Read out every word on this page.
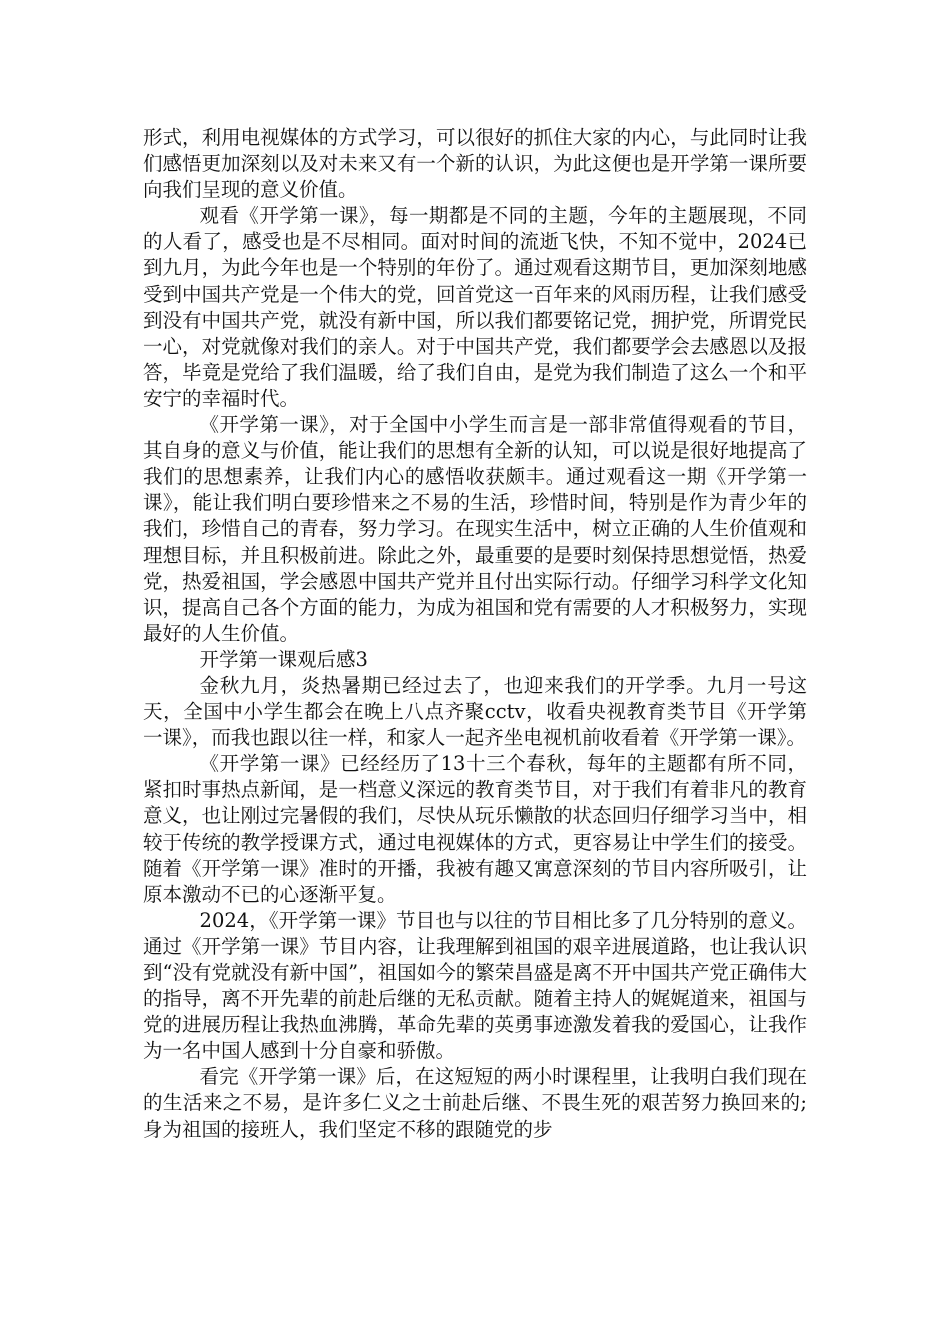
形式，利用电视媒体的方式学习，可以很好的抓住大家的内心，与此同时让我们感悟更加深刻以及对未来又有一个新的认识，为此这便也是开学第一课所要向我们呈现的意义价值。

观看《开学第一课》，每一期都是不同的主题，今年的主题展现，不同的人看了，感受也是不尽相同。面对时间的流逝飞快，不知不觉中，2024已到九月，为此今年也是一个特别的年份了。通过观看这期节目，更加深刻地感受到中国共产党是一个伟大的党，回首党这一百年来的风雨历程，让我们感受到没有中国共产党，就没有新中国，所以我们都要铭记党，拥护党，所谓党民一心，对党就像对我们的亲人。对于中国共产党，我们都要学会去感恩以及报答，毕竟是党给了我们温暖，给了我们自由，是党为我们制造了这么一个和平安宁的幸福时代。

《开学第一课》，对于全国中小学生而言是一部非常值得观看的节目，其自身的意义与价值，能让我们的思想有全新的认知，可以说是很好地提高了我们的思想素养，让我们内心的感悟收获颇丰。通过观看这一期《开学第一课》，能让我们明白要珍惜来之不易的生活，珍惜时间，特别是作为青少年的我们，珍惜自己的青春，努力学习。在现实生活中，树立正确的人生价值观和理想目标，并且积极前进。除此之外，最重要的是要时刻保持思想觉悟，热爱党，热爱祖国，学会感恩中国共产党并且付出实际行动。仔细学习科学文化知识，提高自己各个方面的能力，为成为祖国和党有需要的人才积极努力，实现最好的人生价值。

开学第一课观后感3

金秋九月，炎热暑期已经过去了，也迎来我们的开学季。九月一号这天，全国中小学生都会在晚上八点齐聚cctv，收看央视教育类节目《开学第一课》，而我也跟以往一样，和家人一起齐坐电视机前收看着《开学第一课》。

《开学第一课》已经经历了13十三个春秋，每年的主题都有所不同，紧扣时事热点新闻，是一档意义深远的教育类节目，对于我们有着非凡的教育意义，也让刚过完暑假的我们，尽快从玩乐懒散的状态回归仔细学习当中，相较于传统的教学授课方式，通过电视媒体的方式，更容易让中学生们的接受。随着《开学第一课》准时的开播，我被有趣又寓意深刻的节目内容所吸引，让原本激动不已的心逐渐平复。

2024，《开学第一课》节目也与以往的节目相比多了几分特别的意义。通过《开学第一课》节目内容，让我理解到祖国的艰辛进展道路，也让我认识到“没有党就没有新中国”，祖国如今的繁荣昌盛是离不开中国共产党正确伟大的指导，离不开先辈的前赴后继的无私贡献。随着主持人的娓娓道来，祖国与党的进展历程让我热血沸腾，革命先辈的英勇事迹激发着我的爱国心，让我作为一名中国人感到十分自豪和骄傲。

看完《开学第一课》后，在这短短的两小时课程里，让我明白我们现在的生活来之不易，是许多仁义之士前赴后继、不畏生死的艰苦努力换回来的;身为祖国的接班人，我们坚定不移的跟随党的步
